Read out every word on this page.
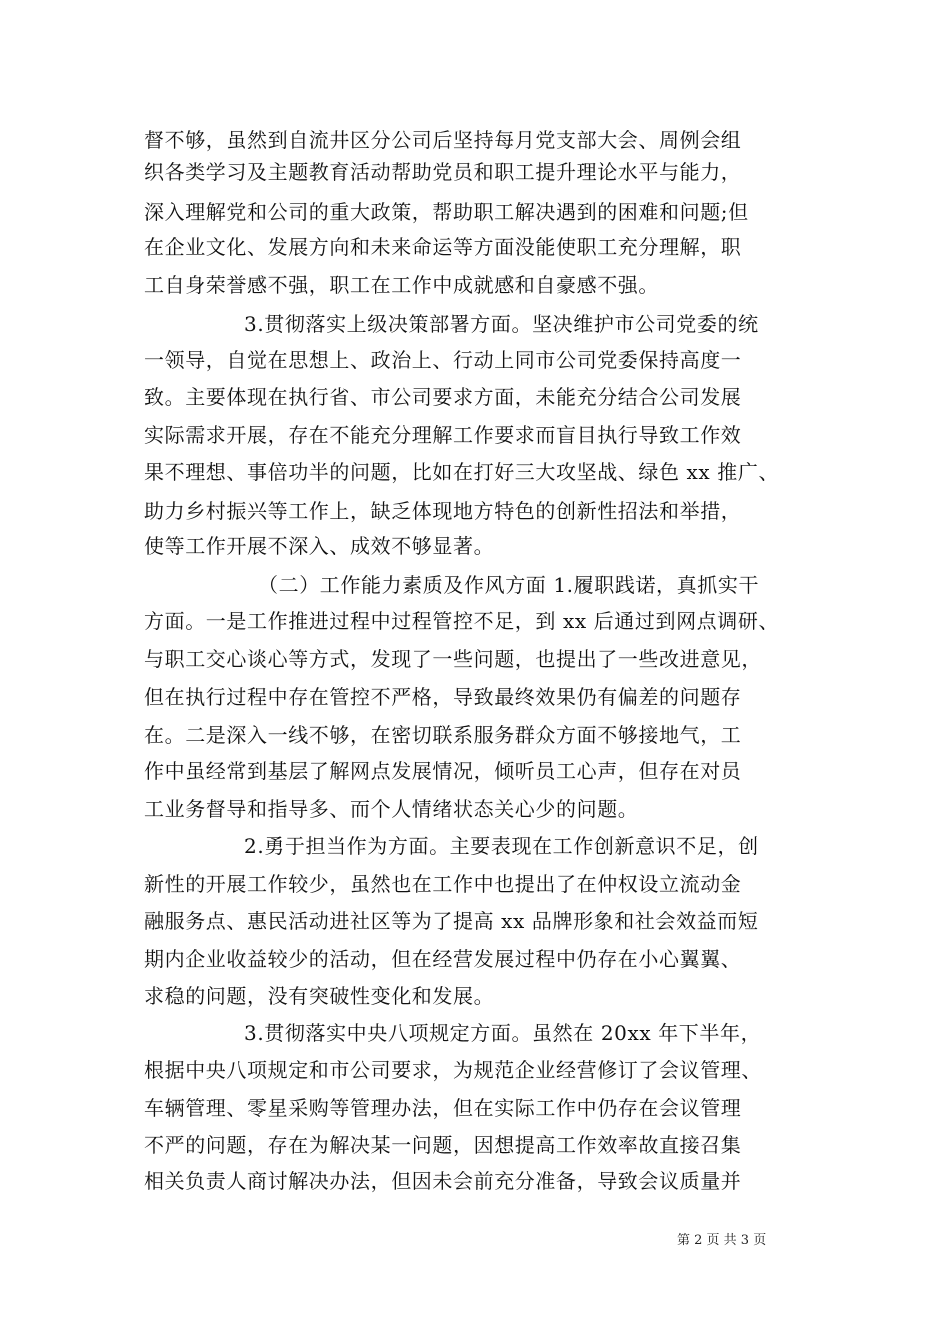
督不够，虽然到自流井区分公司后坚持每月党支部大会、周例会组
织各类学习及主题教育活动帮助党员和职工提升理论水平与能力，
深入理解党和公司的重大政策，帮助职工解决遇到的困难和问题;但
在企业文化、发展方向和未来命运等方面没能使职工充分理解，职
工自身荣誉感不强，职工在工作中成就感和自豪感不强。
3.贯彻落实上级决策部署方面。坚决维护市公司党委的统
一领导，自觉在思想上、政治上、行动上同市公司党委保持高度一
致。主要体现在执行省、市公司要求方面，未能充分结合公司发展
实际需求开展，存在不能充分理解工作要求而盲目执行导致工作效
果不理想、事倍功半的问题，比如在打好三大攻坚战、绿色 xx 推广、
助力乡村振兴等工作上，缺乏体现地方特色的创新性招法和举措，
使等工作开展不深入、成效不够显著。
（二）工作能力素质及作风方面 1.履职践诺，真抓实干
方面。一是工作推进过程中过程管控不足，到 xx 后通过到网点调研、
与职工交心谈心等方式，发现了一些问题，也提出了一些改进意见，
但在执行过程中存在管控不严格，导致最终效果仍有偏差的问题存
在。二是深入一线不够，在密切联系服务群众方面不够接地气，工
作中虽经常到基层了解网点发展情况，倾听员工心声，但存在对员
工业务督导和指导多、而个人情绪状态关心少的问题。
2.勇于担当作为方面。主要表现在工作创新意识不足，创
新性的开展工作较少，虽然也在工作中也提出了在仲权设立流动金
融服务点、惠民活动进社区等为了提高 xx 品牌形象和社会效益而短
期内企业收益较少的活动，但在经营发展过程中仍存在小心翼翼、
求稳的问题，没有突破性变化和发展。
3.贯彻落实中央八项规定方面。虽然在 20xx 年下半年，
根据中央八项规定和市公司要求，为规范企业经营修订了会议管理、
车辆管理、零星采购等管理办法，但在实际工作中仍存在会议管理
不严的问题，存在为解决某一问题，因想提高工作效率故直接召集
相关负责人商讨解决办法，但因未会前充分准备，导致会议质量并
第 2 页 共 3 页
